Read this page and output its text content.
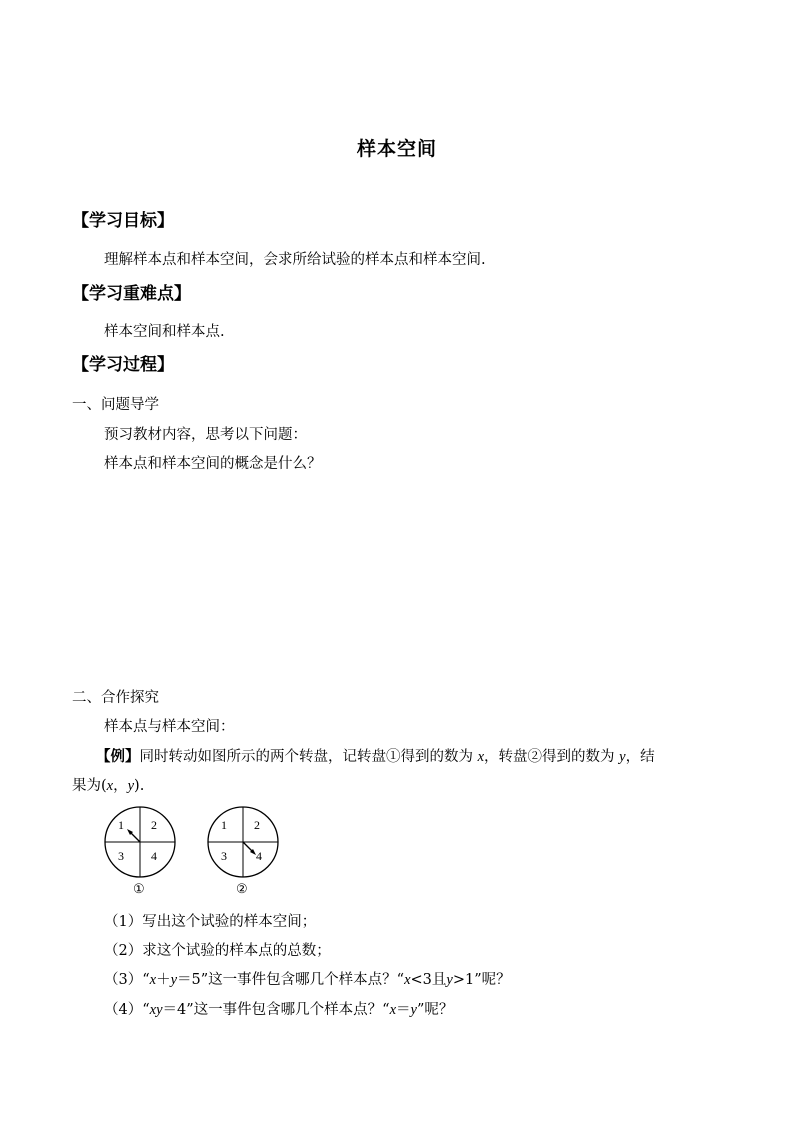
样本空间
【学习目标】
理解样本点和样本空间，会求所给试验的样本点和样本空间.
【学习重难点】
样本空间和样本点.
【学习过程】
一、问题导学
预习教材内容，思考以下问题：
样本点和样本空间的概念是什么？
二、合作探究
样本点与样本空间：
【例】同时转动如图所示的两个转盘，记转盘①得到的数为 x，转盘②得到的数为 y，结
果为(x，y).
1 2
3 4
①
1 2
3 4
②
（1）写出这个试验的样本空间；
（2）求这个试验的样本点的总数；
（3）“x＋y＝5”这一事件包含哪几个样本点？“x<3且y>1”呢？
（4）“xy＝4”这一事件包含哪几个样本点？“x＝y”呢？
